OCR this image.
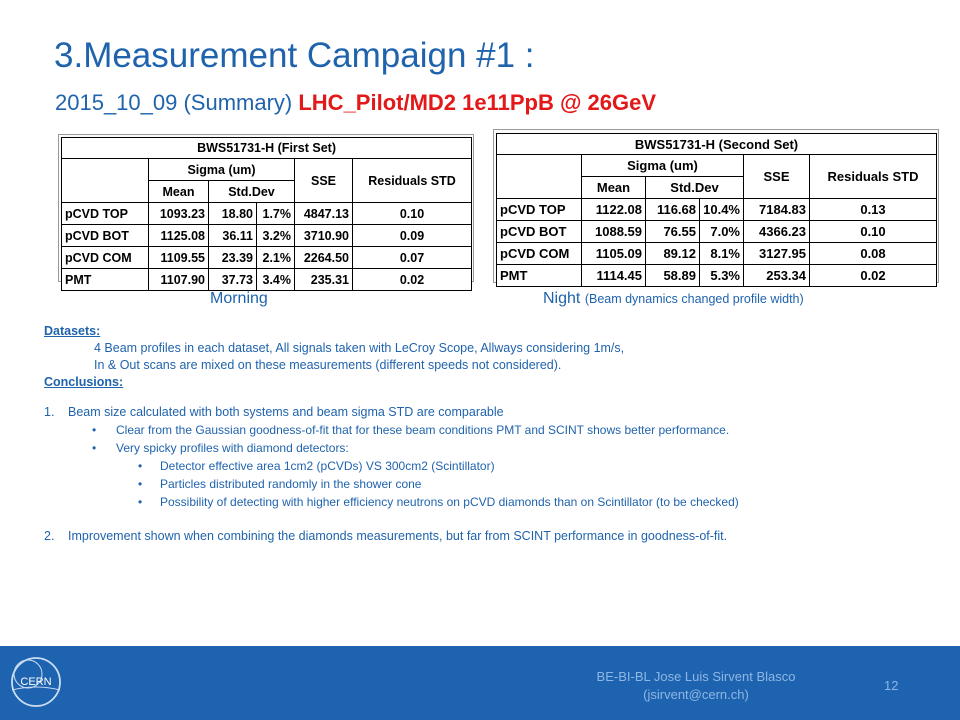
3.Measurement Campaign #1 :
2015_10_09 (Summary) LHC_Pilot/MD2 1e11PpB @ 26GeV
BWS51731-H (First Set)					
	Sigma (um)			SSE	Residuals STD
	Mean	Std.Dev			
pCVD TOP	1093.23	18.80	1.7%	4847.13	0.10
pCVD BOT	1125.08	36.11	3.2%	3710.90	0.09
pCVD COM	1109.55	23.39	2.1%	2264.50	0.07
PMT	1107.90	37.73	3.4%	235.31	0.02
BWS51731-H (Second Set)					
	Sigma (um)			SSE	Residuals STD
	Mean	Std.Dev			
pCVD TOP	1122.08	116.68	10.4%	7184.83	0.13
pCVD BOT	1088.59	76.55	7.0%	4366.23	0.10
pCVD COM	1105.09	89.12	8.1%	3127.95	0.08
PMT	1114.45	58.89	5.3%	253.34	0.02
Morning	Night (Beam dynamics changed profile width)
Datasets:
4 Beam profiles in each dataset, All signals taken with LeCroy Scope, Allways considering 1m/s,
In & Out scans are mixed on these measurements (different speeds not considered).
Conclusions:
1. Beam size calculated with both systems and beam sigma STD are comparable
• Clear from the Gaussian goodness-of-fit that for these beam conditions PMT and SCINT shows better performance.
• Very spicky profiles with diamond detectors:
• Detector effective area 1cm2 (pCVDs) VS 300cm2 (Scintillator)
• Particles distributed randomly in the shower cone
• Possibility of detecting with higher efficiency neutrons on pCVD diamonds than on Scintillator (to be checked)
2. Improvement shown when combining the diamonds measurements, but far from SCINT performance in goodness-of-fit.
CERN	BE-BI-BL Jose Luis Sirvent Blasco
(jsirvent@cern.ch)
12
